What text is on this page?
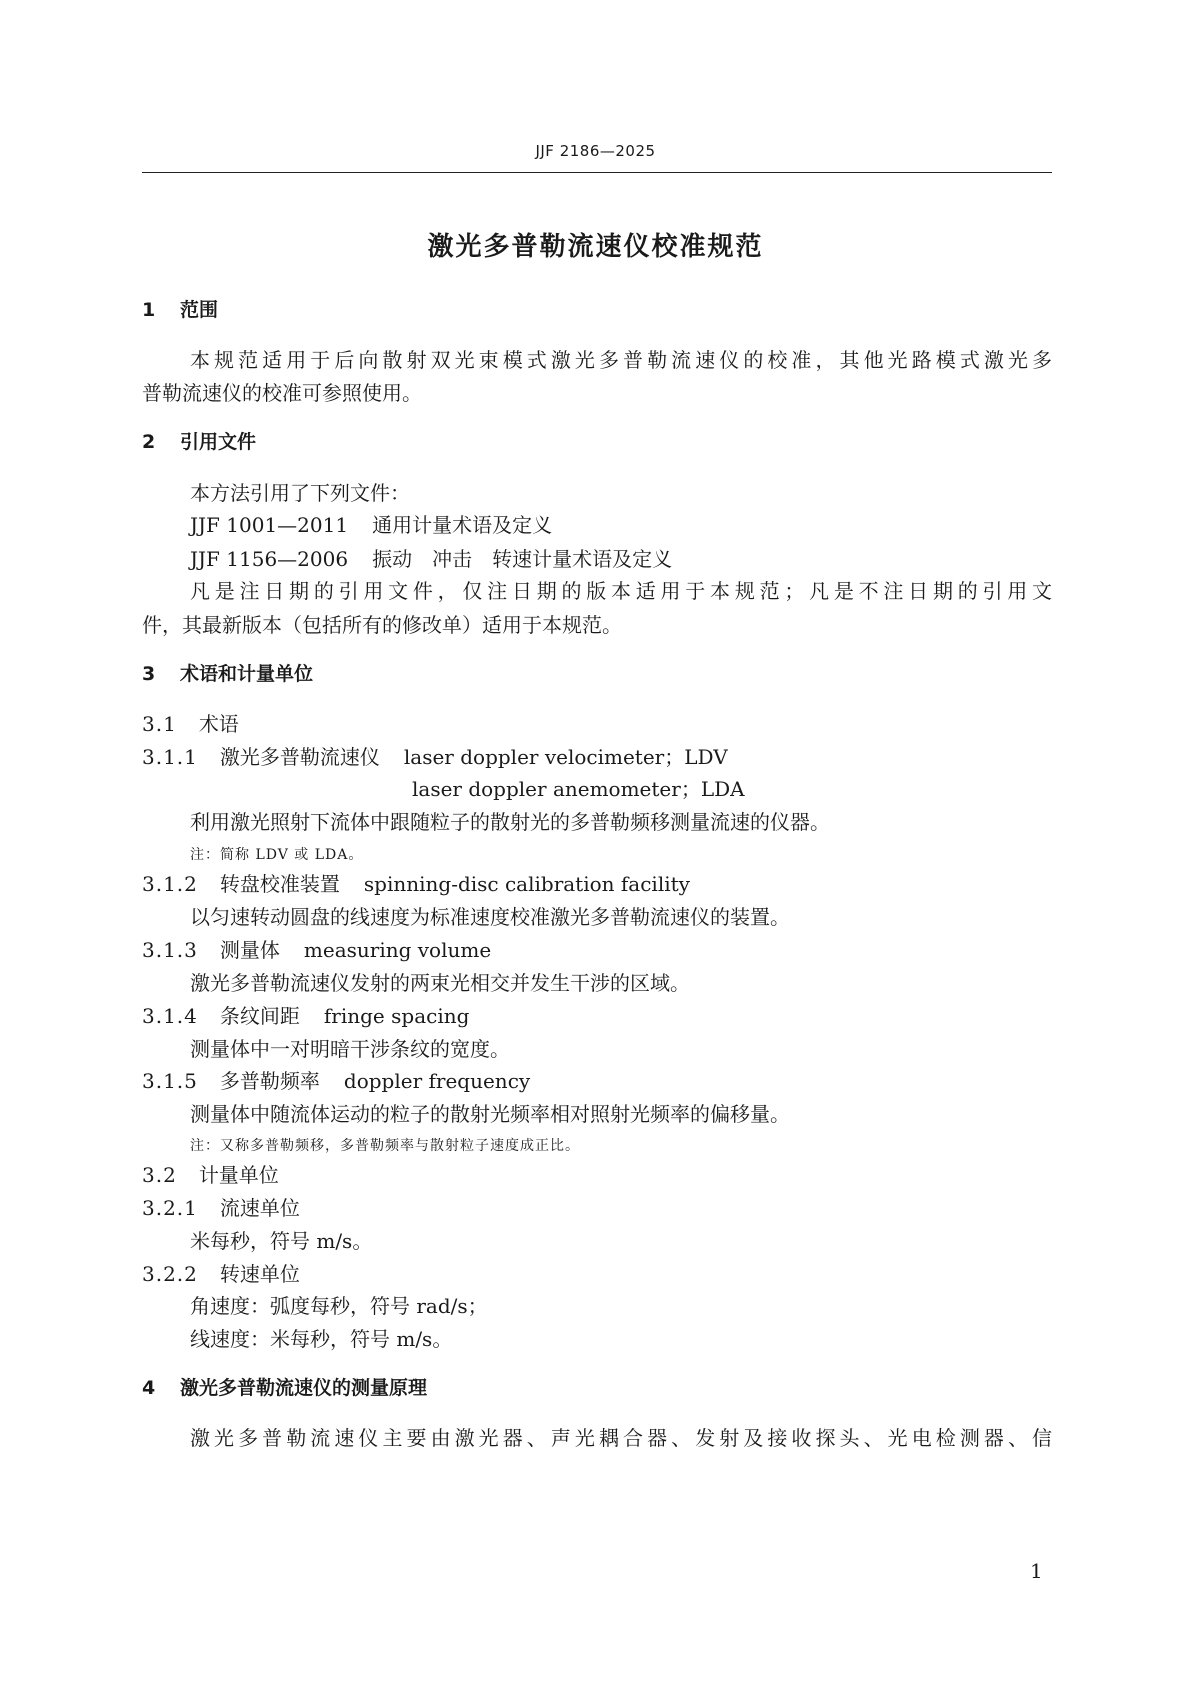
JJF 2186—2025
激光多普勒流速仪校准规范
1 范围
本规范适用于后向散射双光束模式激光多普勒流速仪的校准，其他光路模式激光多
普勒流速仪的校准可参照使用。
2 引用文件
本方法引用了下列文件：
JJF 1001—2011 通用计量术语及定义
JJF 1156—2006 振动　冲击　转速计量术语及定义
凡是注日期的引用文件，仅注日期的版本适用于本规范；凡是不注日期的引用文
件，其最新版本（包括所有的修改单）适用于本规范。
3 术语和计量单位
3.1 术语
3.1.1 激光多普勒流速仪 laser doppler velocimeter；LDV
laser doppler anemometer；LDA
利用激光照射下流体中跟随粒子的散射光的多普勒频移测量流速的仪器。
注：简称 LDV 或 LDA。
3.1.2 转盘校准装置 spinning-disc calibration facility
以匀速转动圆盘的线速度为标准速度校准激光多普勒流速仪的装置。
3.1.3 测量体 measuring volume
激光多普勒流速仪发射的两束光相交并发生干涉的区域。
3.1.4 条纹间距 fringe spacing
测量体中一对明暗干涉条纹的宽度。
3.1.5 多普勒频率 doppler frequency
测量体中随流体运动的粒子的散射光频率相对照射光频率的偏移量。
注：又称多普勒频移，多普勒频率与散射粒子速度成正比。
3.2 计量单位
3.2.1 流速单位
米每秒，符号 m/s。
3.2.2 转速单位
角速度：弧度每秒，符号 rad/s；
线速度：米每秒，符号 m/s。
4 激光多普勒流速仪的测量原理
激光多普勒流速仪主要由激光器、声光耦合器、发射及接收探头、光电检测器、信
1
